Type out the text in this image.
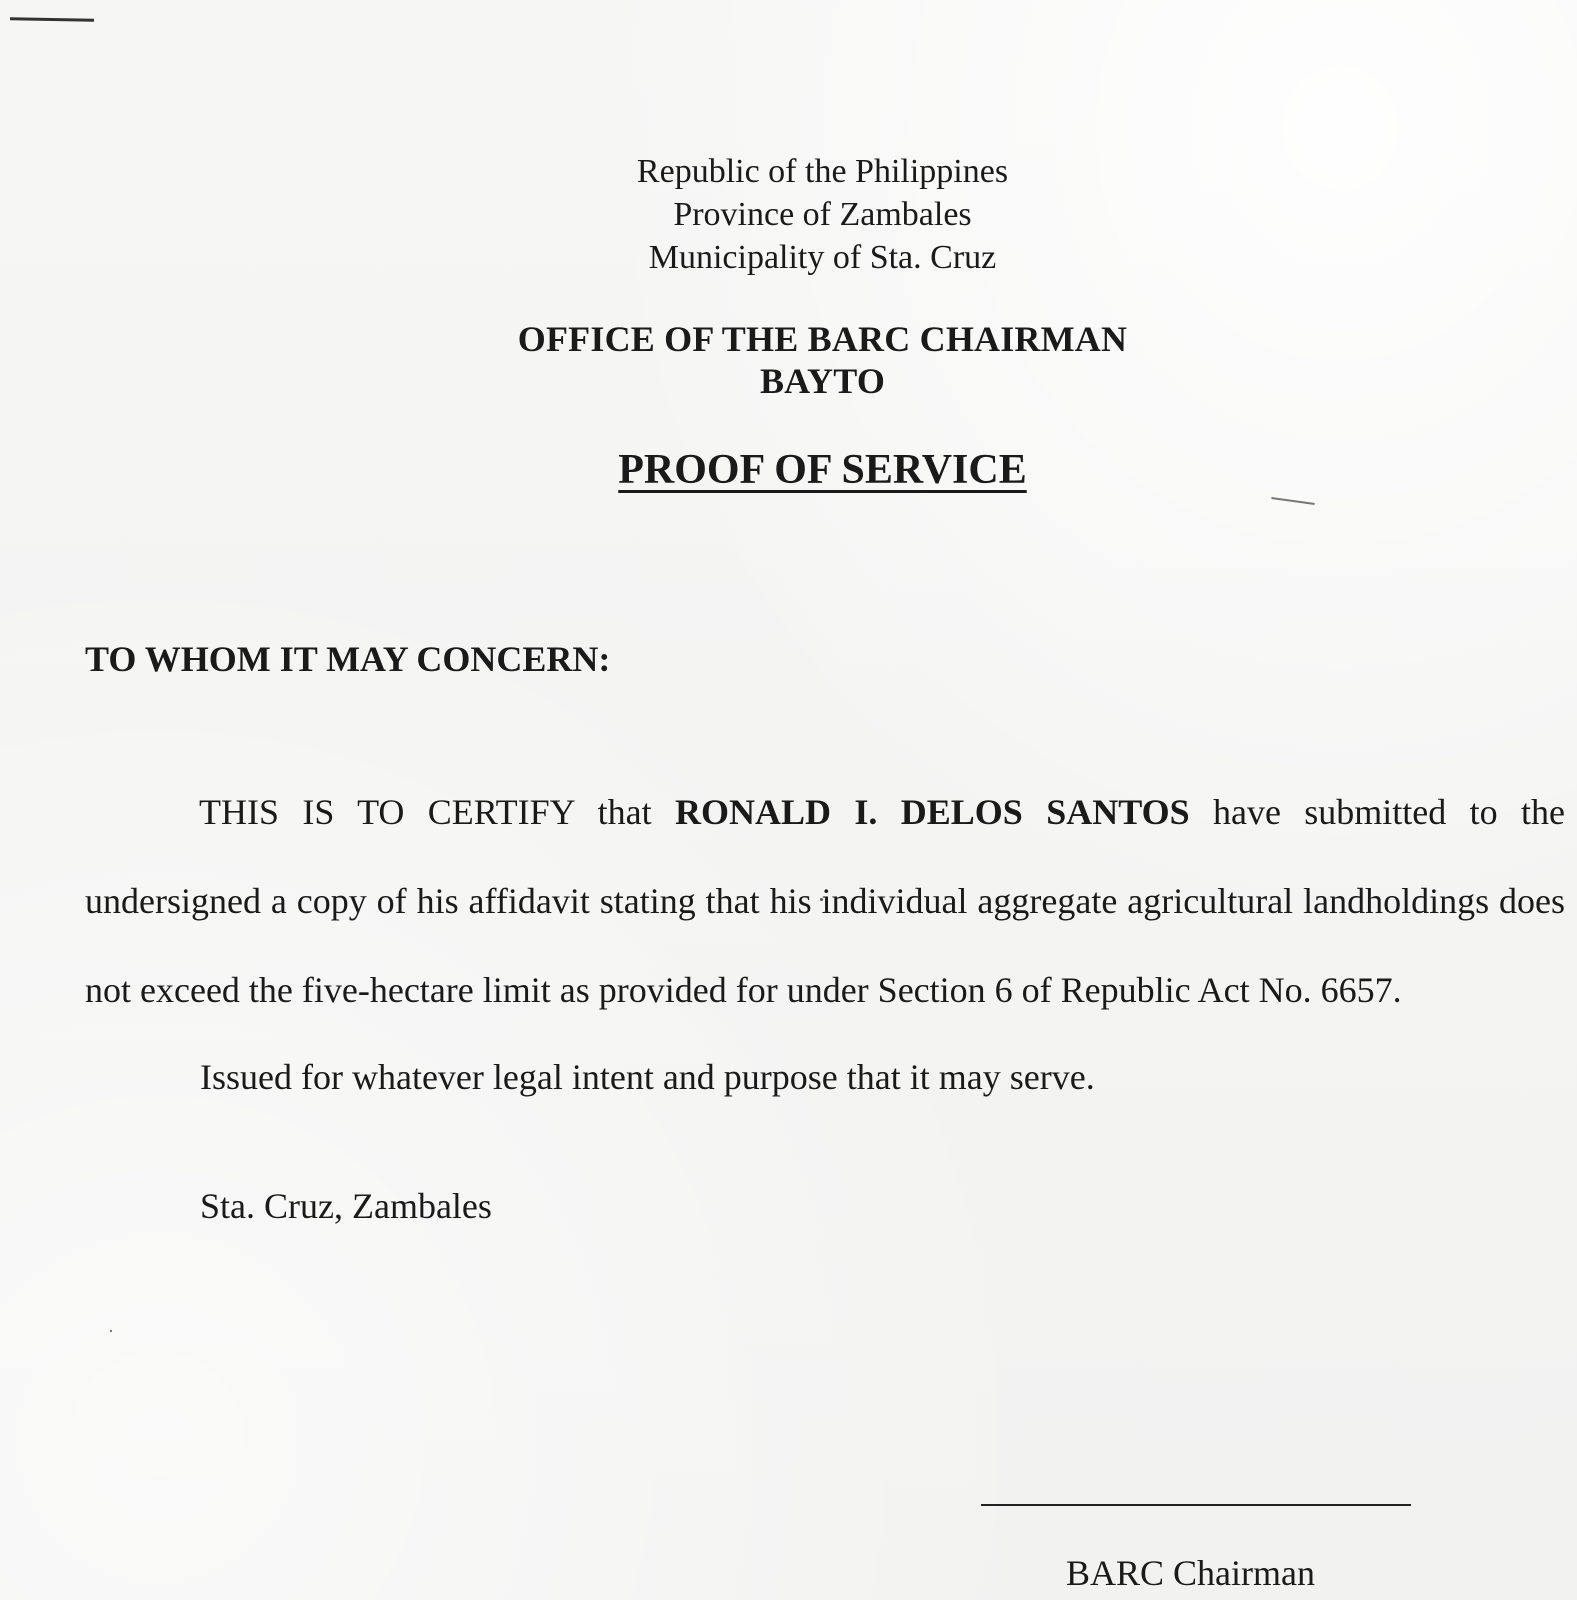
Republic of the Philippines
Province of Zambales
Municipality of Sta. Cruz
OFFICE OF THE BARC CHAIRMAN
BAYTO
PROOF OF SERVICE

TO WHOM IT MAY CONCERN:

THIS IS TO CERTIFY that RONALD I. DELOS SANTOS have submitted to the undersigned a copy of his affidavit stating that his individual aggregate agricultural landholdings does not exceed the five-hectare limit as provided for under Section 6 of Republic Act No. 6657.

Issued for whatever legal intent and purpose that it may serve.

Sta. Cruz, Zambales

BARC Chairman
